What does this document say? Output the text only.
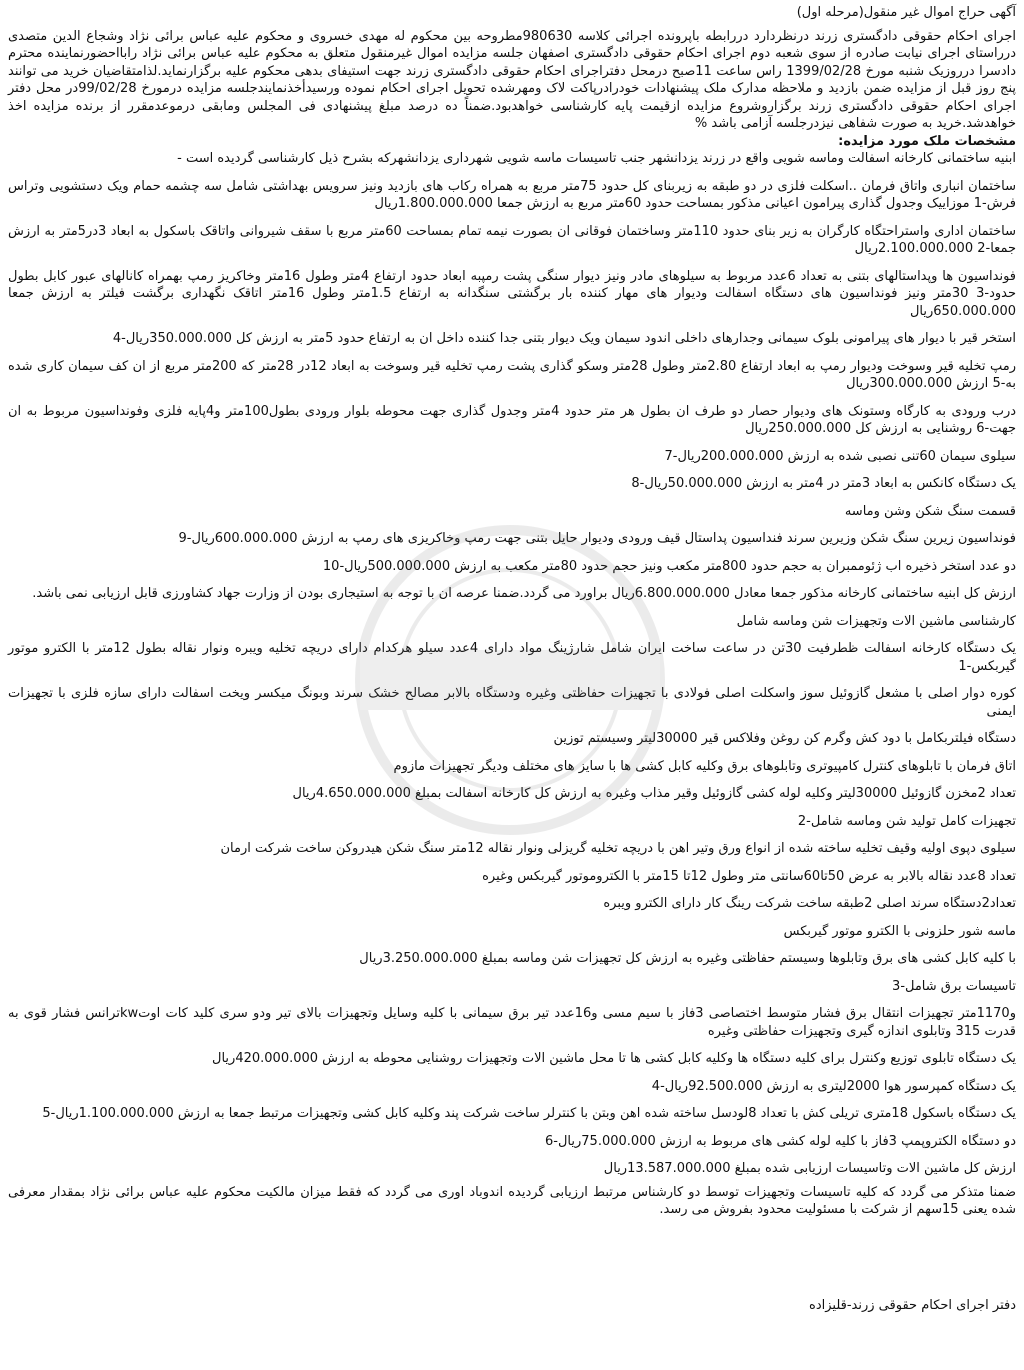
آگهی حراج اموال غیر منقول(مرحله اول)

اجرای احکام حقوقی دادگستری زرند درنظردارد دررابطه باپرونده اجرائی کلاسه 980630مطروحه بین محکوم له مهدی خسروی و محکوم علیه عباس برائی نژاد وشجاع الدین متصدی درراستای اجرای نیابت صادره از سوی شعبه دوم اجرای احکام حقوقی دادگستری اصفهان جلسه مزایده اموال غیرمنقول متعلق به محکوم علیه عباس برائی نژاد رابااحضورنماینده محترم دادسرا درروزیک شنبه مورخ 1399/02/28 راس ساعت 11صبح درمحل دفتراجرای احکام حقوقی دادگستری زرند جهت استیفای بدهی محکوم علیه برگزارنماید.لذامتقاضیان خرید می توانند پنج روز قبل از مزایده ضمن بازدید و ملاحظه مدارک ملک پیشنهادات خودرادرپاکت لاک ومهرشده تحویل اجرای احکام نموده ورسیدأخذنمایندجلسه مزایده درمورخ 99/02/28در محل دفتر اجرای احکام حقوقی دادگستری زرند برگزاروشروع مزایده ازقیمت پایه کارشناسی خواهدبود.ضمناً ده درصد مبلغ پیشنهادی فی المجلس ومابقی درموعدمقرر از برنده مزایده اخذ خواهدشد.خرید به صورت شفاهی نیزدرجلسه آزامی باشد %

مشخصات ملک مورد مزایده:

ابنیه ساختمانی کارخانه اسفالت وماسه شویی واقع در زرند یزدانشهر جنب تاسیسات ماسه شویی شهرداری یزدانشهرکه بشرح ذیل کارشناسی گردیده است -

ساختمان انباری واتاق فرمان ..اسکلت فلزی در دو طبقه به زیربنای کل حدود 75متر مربع به همراه رکاب های بازدید ونیز سرویس بهداشتی شامل سه چشمه حمام ویک دستشویی وتراس فرش-1 موزاییک وجدول گذاری پیرامون اعیانی مذکور بمساحت حدود 60متر مربع به ارزش جمعا 1.800.000.000ریال

ساختمان اداری واستراحتگاه کارگران به زیر بنای حدود 110متر وساختمان فوقانی ان بصورت نیمه تمام بمساحت 60متر مربع با سقف شیروانی واتاقک باسکول به ابعاد 3در5متر به ارزش جمعا-2 2.100.000.000ریال

فونداسیون ها وپداستالهای بتنی به تعداد 6عدد مربوط به سیلوهای مادر ونیز دیوار سنگی پشت رمپبه ابعاد حدود ارتفاع 4متر وطول 16متر وخاکریز رمپ بهمراه کانالهای عبور کابل بطول حدود-3 30متر ونیز فونداسیون های دستگاه اسفالت ودیوار های مهار کننده بار برگشتی سنگدانه به ارتفاع 1.5متر وطول 16متر اتاقک نگهداری برگشت فیلتر به ارزش جمعا 650.000.000ریال

استخر قیر با دیوار های پیرامونی بلوک سیمانی وجدارهای داخلی اندود سیمان ویک دیوار بتنی جدا کننده داخل ان به ارتفاع حدود 5متر به ارزش کل 350.000.000ریال-4

رمپ تخلیه قیر وسوخت ودیوار رمپ به ابعاد ارتفاع 2.80متر وطول 28متر وسکو گذاری پشت رمپ تخلیه قیر وسوخت به ابعاد 12در 28متر که 200متر مربع از ان کف سیمان کاری شده به-5 ارزش 300.000.000ریال

درب ورودی به کارگاه وستونک های ودیوار حصار دو طرف ان بطول هر متر حدود 4متر وجدول گذاری جهت محوطه بلوار ورودی بطول100متر و4پایه فلزی وفونداسیون مربوط به ان جهت-6 روشنایی به ارزش کل 250.000.000ریال

سیلوی سیمان 60تنی نصبی شده به ارزش 200.000.000ریال-7

یک دستگاه کانکس به ابعاد 3متر در 4متر به ارزش 50.000.000ریال-8

قسمت سنگ شکن وشن وماسه

فونداسیون زیرین سنگ شکن وزیرین سرند فنداسیون پداستال قیف ورودی ودیوار حایل بتنی جهت رمپ وخاکریزی های رمپ به ارزش 600.000.000ریال-9

دو عدد استخر ذخیره اب ژئوممبران به حجم حدود 800متر مکعب ونیز حجم حدود 80متر مکعب به ارزش 500.000.000ریال-10

ارزش کل ابنیه ساختمانی کارخانه مذکور جمعا معادل 6.800.000.000ریال براورد می گردد.ضمنا عرصه ان با توجه به استیجاری بودن از وزارت جهاد کشاورزی قابل ارزیابی نمی باشد.

کارشناسی ماشین الات وتجهیزات شن وماسه شامل

یک دستگاه کارخانه اسفالت ظطرفیت 30تن در ساعت ساخت ایران شامل شارژینگ مواد دارای 4عدد سیلو هرکدام دارای دریچه تخلیه ویبره ونوار نقاله بطول 12متر با الکترو موتور گیربکس-1

کوره دوار اصلی با مشعل گازوئیل سوز واسکلت اصلی فولادی با تجهیزات حفاظتی وغیره ودستگاه بالابر مصالح خشک سرند وبونگ میکسر ویخت اسفالت دارای سازه فلزی با تجهیزات ایمنی

دستگاه فیلتربکامل با دود کش وگرم کن روغن وفلاکس قیر 30000لیتر وسیستم توزین

اتاق فرمان با تابلوهای کنترل کامپیوتری وتابلوهای برق وکلیه کابل کشی ها با سایز های مختلف ودیگر تجهیزات مازوم

تعداد 2مخزن گازوئیل 30000لیتر وکلیه لوله کشی گازوئیل وقیر مذاب وغیره به ارزش کل کارخانه اسفالت بمبلغ 4.650.000.000ریال

تجهیزات کامل تولید شن وماسه شامل-2

سیلوی دپوی اولیه وقیف تخلیه ساخته شده از انواع ورق وتیر اهن با دریچه تخلیه گریزلی ونوار نقاله 12متر سنگ شکن هیدروکن ساخت شرکت ارمان

تعداد 8عدد نقاله بالابر به عرض 50تا60سانتی متر وطول 12تا 15متر با الکتروموتور گیربکس وغیره

تعداد2دستگاه سرند اصلی 2طبقه ساخت شرکت رینگ کار دارای الکترو ویبره

ماسه شور حلزونی با الکترو موتور گیربکس

با کلیه کابل کشی های برق وتابلوها وسیستم حفاظتی وغیره به ارزش کل تجهیزات شن وماسه بمبلغ 3.250.000.000ریال

تاسیسات برق شامل-3

و1170متر تجهیزات انتقال برق فشار متوسط اختصاصی 3فاز با سیم مسی و16عدد تیر برق سیمانی با کلیه وسایل وتجهیزات بالای تیر ودو سری کلید کات اوتkwترانس فشار قوی به قدرت 315 وتابلوی اندازه گیری وتجهیزات حفاظتی وغیره

یک دستگاه تابلوی توزیع وکنترل برای کلیه دستگاه ها وکلیه کابل کشی ها تا محل ماشین الات وتجهیزات روشنایی محوطه به ارزش 420.000.000ریال

یک دستگاه کمپرسور هوا 2000لیتری به ارزش 92.500.000ریال-4

یک دستگاه باسکول 18متری تریلی کش با تعداد 8لودسل ساخته شده اهن وبتن با کنترلر ساخت شرکت پند وکلیه کابل کشی وتجهیزات مرتبط جمعا به ارزش 1.100.000.000ریال-5

دو دستگاه الکتروپمپ 3فاز با کلیه لوله کشی های مربوط به ارزش 75.000.000ریال-6

ارزش کل ماشین الات وتاسیسات ارزیابی شده بمبلغ 13.587.000.000ریال

ضمنا متذکر می گردد که کلیه تاسیسات وتجهیزات توسط دو کارشناس مرتبط ارزیابی گردیده اندوباد اوری می گردد که فقط میزان مالکیت محکوم علیه عباس برائی نژاد بمقدار معرفی شده یعنی 15سهم از شرکت با مسئولیت محدود بفروش می رسد.

دفتر اجرای احکام حقوقی زرند-قلیزاده
